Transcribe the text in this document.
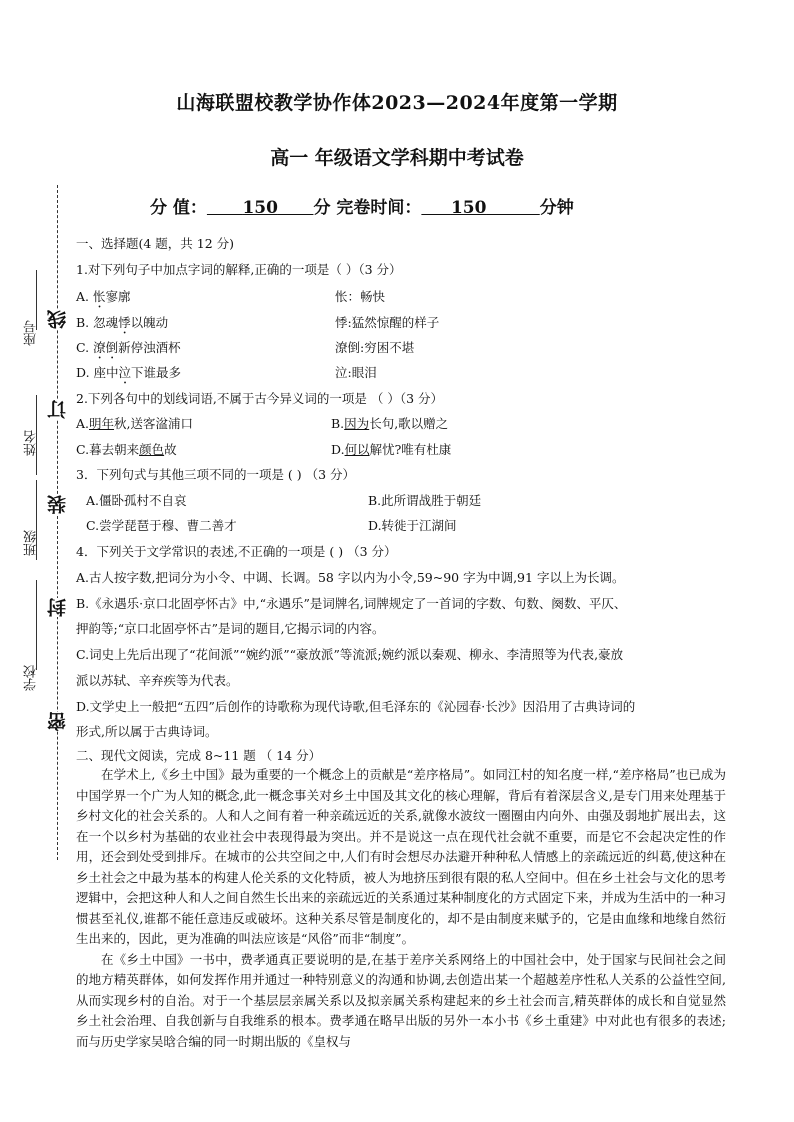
山海联盟校教学协作体2023—2024年度第一学期
高一 年级语文学科期中考试卷
分 值： 150 分 完卷时间： 150	分钟
座号
姓名
班级
学校
线
订
装
封
密
一、选择题(4 题，共 12 分)
1.对下列句子中加点字词的解释,正确的一项是（ ）（3 分）
A. 怅寥廓	怅：畅快
B. 忽魂悸以魄动	悸:猛然惊醒的样子
C. 潦倒新停浊酒杯	潦倒:穷困不堪
D. 座中泣下谁最多	泣:眼泪
2.下列各句中的划线词语,不属于古今异义词的一项是 （ ）（3 分）
A.明年秋,送客湓浦口	B.因为长句,歌以赠之
C.暮去朝来颜色故	D.何以解忧?唯有杜康
3．下列句式与其他三项不同的一项是 ( ) （3 分）
A.僵卧孤村不自哀	B.此所谓战胜于朝廷
C.尝学琵琶于穆、曹二善才	D.转徙于江湖间
4．下列关于文学常识的表述,不正确的一项是 ( ) （3 分）
A.古人按字数,把词分为小令、中调、长调。58 字以内为小令,59~90 字为中调,91 字以上为长调。
B.《永遇乐·京口北固亭怀古》中,“永遇乐”是词牌名,词牌规定了一首词的字数、句数、阕数、平仄、
押韵等;“京口北固亭怀古”是词的题目,它揭示词的内容。
C.词史上先后出现了“花间派”“婉约派”“豪放派”等流派;婉约派以秦观、柳永、李清照等为代表,豪放
派以苏轼、辛弃疾等为代表。
D.文学史上一般把“五四”后创作的诗歌称为现代诗歌,但毛泽东的《沁园春·长沙》因沿用了古典诗词的
形式,所以属于古典诗词。
二、现代文阅读，完成 8~11 题 （ 14 分）

在学术上,《乡土中国》最为重要的一个概念上的贡献是“差序格局”。如同江村的知名度一样,“差序格局”也已成为中国学界一个广为人知的概念,此一概念事关对乡土中国及其文化的核心理解，背后有着深层含义,是专门用来处理基于乡村文化的社会关系的。人和人之间有着一种亲疏远近的关系,就像水波纹一圈圈由内向外、由强及弱地扩展出去，这在一个以乡村为基础的农业社会中表现得最为突出。并不是说这一点在现代社会就不重要，而是它不会起决定性的作用，还会到处受到排斥。在城市的公共空间之中,人们有时会想尽办法避开种种私人情感上的亲疏远近的纠葛,使这种在乡土社会之中最为基本的构建人伦关系的文化特质，被人为地挤压到很有限的私人空间中。但在乡土社会与文化的思考逻辑中，会把这种人和人之间自然生长出来的亲疏远近的关系通过某种制度化的方式固定下来，并成为生活中的一种习惯甚至礼仪,谁都不能任意违反或破坏。这种关系尽管是制度化的，却不是由制度来赋予的，它是由血缘和地缘自然衍生出来的，因此，更为准确的叫法应该是“风俗”而非“制度”。

在《乡土中国》一书中，费孝通真正要说明的是,在基于差序关系网络上的中国社会中，处于国家与民间社会之间的地方精英群体，如何发挥作用并通过一种特别意义的沟通和协调,去创造出某一个超越差序性私人关系的公益性空间,从而实现乡村的自治。对于一个基层层亲属关系以及拟亲属关系构建起来的乡土社会而言,精英群体的成长和自觉显然乡土社会治理、自我创新与自我维系的根本。费孝通在略早出版的另外一本小书《乡土重建》中对此也有很多的表述;而与历史学家吴晗合编的同一时期出版的《皇权与
